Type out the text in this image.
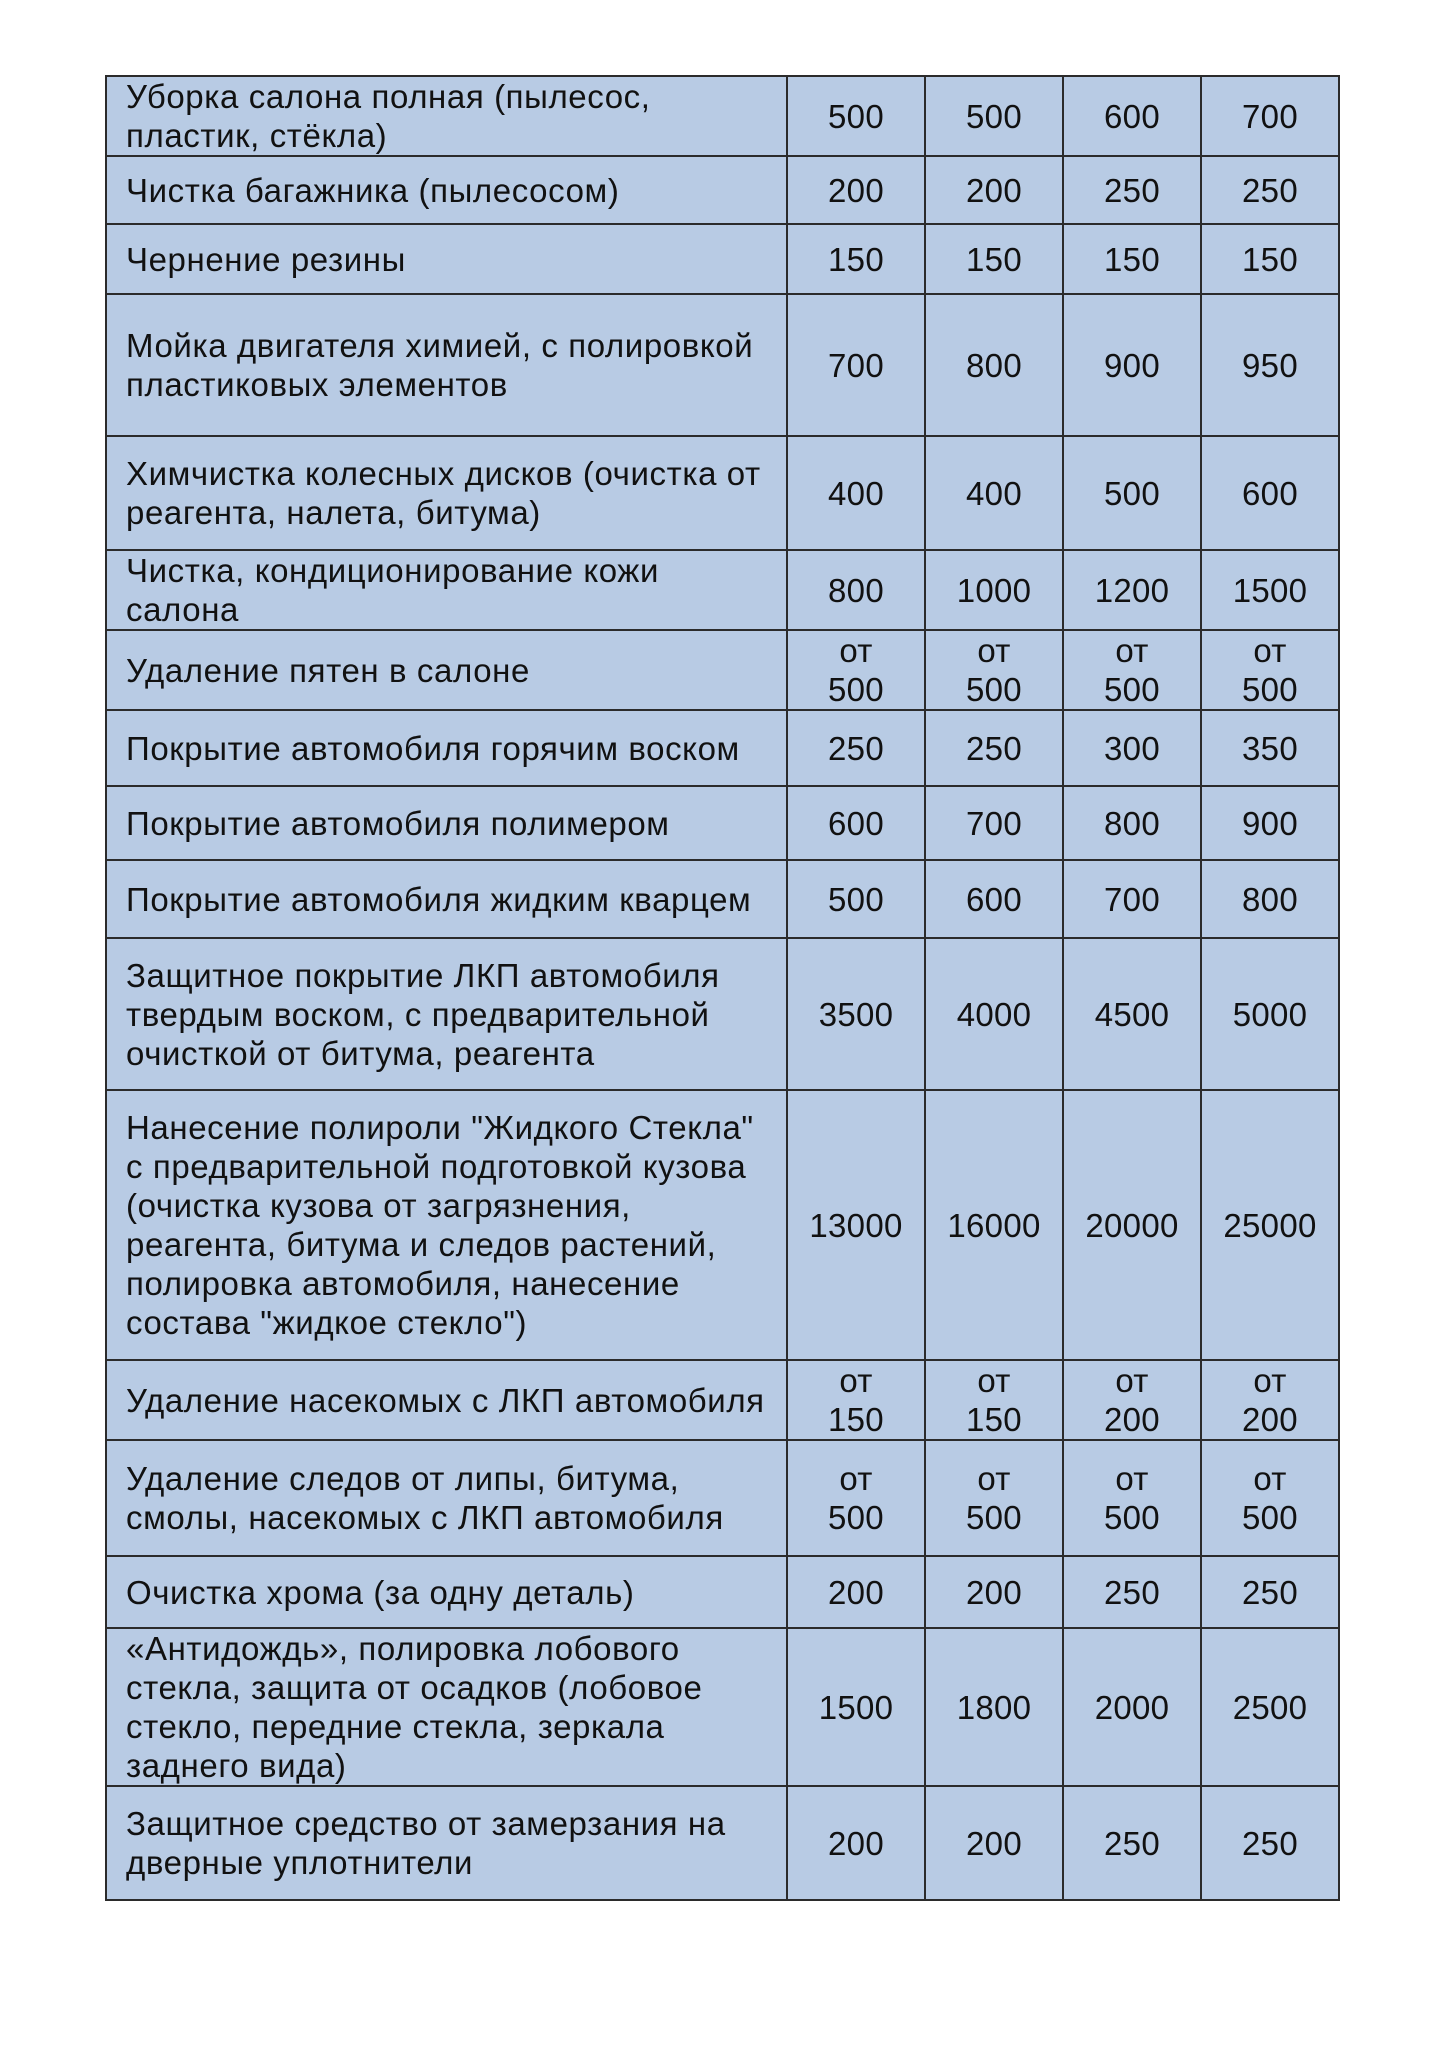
Уборка салона полная (пылесос, пластик, стёкла)	500	500	600	700
Чистка багажника (пылесосом)	200	200	250	250
Чернение резины	150	150	150	150
Мойка двигателя химией, с полировкой пластиковых элементов	700	800	900	950
Химчистка колесных дисков (очистка от реагента, налета, битума)	400	400	500	600
Чистка, кондиционирование кожи салона	800	1000	1200	1500
Удаление пятен в салоне	от 500	от 500	от 500	от 500
Покрытие автомобиля горячим воском	250	250	300	350
Покрытие автомобиля полимером	600	700	800	900
Покрытие автомобиля жидким кварцем	500	600	700	800
Защитное покрытие ЛКП автомобиля твердым воском, с предварительной очисткой от битума, реагента	3500	4000	4500	5000
Нанесение полироли "Жидкого Стекла" с предварительной подготовкой кузова (очистка кузова от загрязнения, реагента, битума и следов растений, полировка автомобиля, нанесение состава "жидкое стекло")	13000	16000	20000	25000
Удаление насекомых с ЛКП автомобиля	от 150	от 150	от 200	от 200
Удаление следов от липы, битума, смолы, насекомых с ЛКП автомобиля	от 500	от 500	от 500	от 500
Очистка хрома (за одну деталь)	200	200	250	250
«Антидождь», полировка лобового стекла, защита от осадков (лобовое стекло, передние стекла, зеркала заднего вида)	1500	1800	2000	2500
Защитное средство от замерзания на дверные уплотнители	200	200	250	250
